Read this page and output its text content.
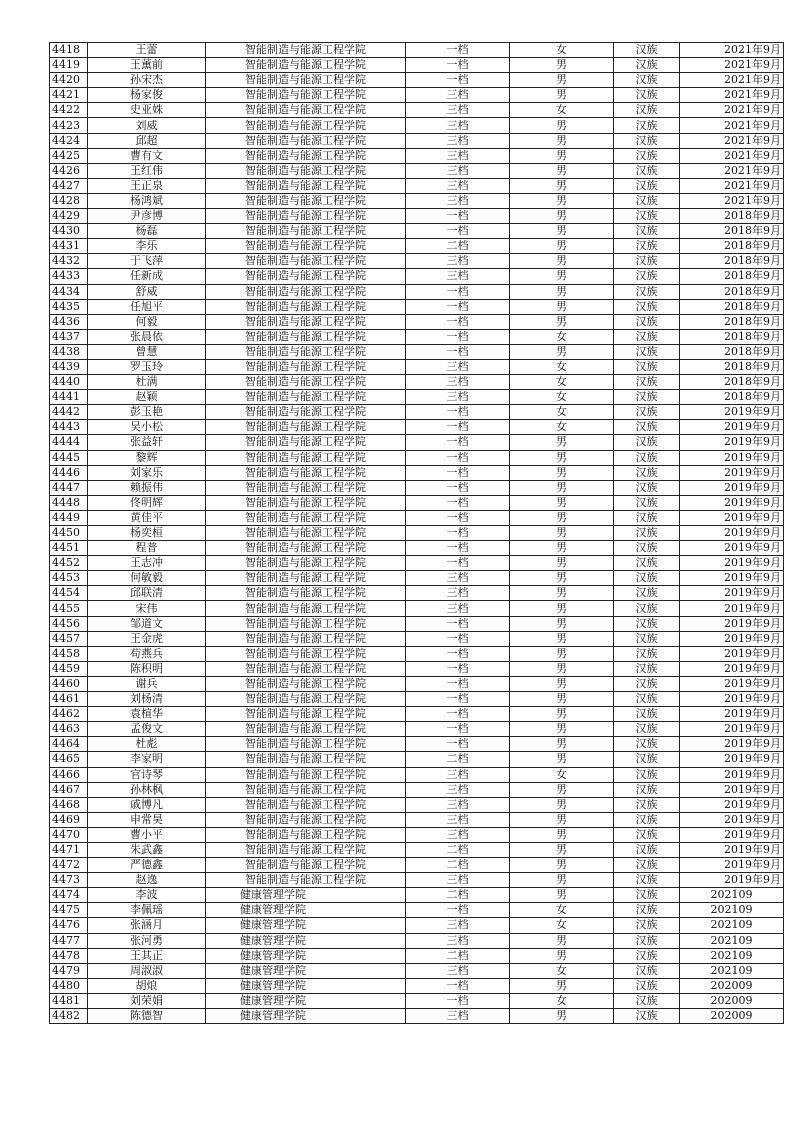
4418	王蕾	智能制造与能源工程学院	一档	女	汉族	2021年9月
4419	王薰前	智能制造与能源工程学院	一档	男	汉族	2021年9月
4420	孙宋杰	智能制造与能源工程学院	一档	男	汉族	2021年9月
4421	杨家俊	智能制造与能源工程学院	三档	男	汉族	2021年9月
4422	史亚姝	智能制造与能源工程学院	三档	女	汉族	2021年9月
4423	刘威	智能制造与能源工程学院	三档	男	汉族	2021年9月
4424	邱超	智能制造与能源工程学院	三档	男	汉族	2021年9月
4425	曹有文	智能制造与能源工程学院	三档	男	汉族	2021年9月
4426	王红伟	智能制造与能源工程学院	三档	男	汉族	2021年9月
4427	王正泉	智能制造与能源工程学院	三档	男	汉族	2021年9月
4428	杨鸿斌	智能制造与能源工程学院	三档	男	汉族	2021年9月
4429	尹彦博	智能制造与能源工程学院	一档	男	汉族	2018年9月
4430	杨磊	智能制造与能源工程学院	一档	男	汉族	2018年9月
4431	李乐	智能制造与能源工程学院	二档	男	汉族	2018年9月
4432	于飞萍	智能制造与能源工程学院	三档	男	汉族	2018年9月
4433	任新成	智能制造与能源工程学院	三档	男	汉族	2018年9月
4434	舒威	智能制造与能源工程学院	一档	男	汉族	2018年9月
4435	任旭平	智能制造与能源工程学院	一档	男	汉族	2018年9月
4436	何毅	智能制造与能源工程学院	一档	男	汉族	2018年9月
4437	张晨依	智能制造与能源工程学院	一档	女	汉族	2018年9月
4438	曾慧	智能制造与能源工程学院	一档	男	汉族	2018年9月
4439	罗玉玲	智能制造与能源工程学院	三档	女	汉族	2018年9月
4440	杜满	智能制造与能源工程学院	三档	女	汉族	2018年9月
4441	赵颖	智能制造与能源工程学院	三档	女	汉族	2018年9月
4442	彭玉艳	智能制造与能源工程学院	一档	女	汉族	2019年9月
4443	吴小松	智能制造与能源工程学院	一档	女	汉族	2019年9月
4444	张益轩	智能制造与能源工程学院	一档	男	汉族	2019年9月
4445	黎辉	智能制造与能源工程学院	一档	男	汉族	2019年9月
4446	刘家乐	智能制造与能源工程学院	一档	男	汉族	2019年9月
4447	赖振伟	智能制造与能源工程学院	一档	男	汉族	2019年9月
4448	佟明辉	智能制造与能源工程学院	一档	男	汉族	2019年9月
4449	黄佳平	智能制造与能源工程学院	一档	男	汉族	2019年9月
4450	杨奕桓	智能制造与能源工程学院	一档	男	汉族	2019年9月
4451	程普	智能制造与能源工程学院	一档	男	汉族	2019年9月
4452	王志冲	智能制造与能源工程学院	一档	男	汉族	2019年9月
4453	何敏毅	智能制造与能源工程学院	三档	男	汉族	2019年9月
4454	邱联清	智能制造与能源工程学院	三档	男	汉族	2019年9月
4455	宋伟	智能制造与能源工程学院	三档	男	汉族	2019年9月
4456	邹道文	智能制造与能源工程学院	一档	男	汉族	2019年9月
4457	王金虎	智能制造与能源工程学院	一档	男	汉族	2019年9月
4458	苟燕兵	智能制造与能源工程学院	一档	男	汉族	2019年9月
4459	陈积明	智能制造与能源工程学院	一档	男	汉族	2019年9月
4460	谢兵	智能制造与能源工程学院	一档	男	汉族	2019年9月
4461	刘杨清	智能制造与能源工程学院	一档	男	汉族	2019年9月
4462	袁楦华	智能制造与能源工程学院	一档	男	汉族	2019年9月
4463	孟俊文	智能制造与能源工程学院	一档	男	汉族	2019年9月
4464	杜彪	智能制造与能源工程学院	一档	男	汉族	2019年9月
4465	李家明	智能制造与能源工程学院	二档	男	汉族	2019年9月
4466	官诗琴	智能制造与能源工程学院	三档	女	汉族	2019年9月
4467	孙林枫	智能制造与能源工程学院	三档	男	汉族	2019年9月
4468	戚博凡	智能制造与能源工程学院	三档	男	汉族	2019年9月
4469	申常昊	智能制造与能源工程学院	三档	男	汉族	2019年9月
4470	曹小平	智能制造与能源工程学院	三档	男	汉族	2019年9月
4471	朱武鑫	智能制造与能源工程学院	二档	男	汉族	2019年9月
4472	严德鑫	智能制造与能源工程学院	二档	男	汉族	2019年9月
4473	赵逸	智能制造与能源工程学院	三档	男	汉族	2019年9月
4474	李波	健康管理学院	二档	男	汉族	202109
4475	李佩瑶	健康管理学院	一档	女	汉族	202109
4476	张涵月	健康管理学院	三档	女	汉族	202109
4477	张河勇	健康管理学院	三档	男	汉族	202109
4478	王其正	健康管理学院	二档	男	汉族	202109
4479	周淑淑	健康管理学院	三档	女	汉族	202109
4480	胡烺	健康管理学院	一档	男	汉族	202009
4481	刘荣娟	健康管理学院	一档	女	汉族	202009
4482	陈德智	健康管理学院	三档	男	汉族	202009
